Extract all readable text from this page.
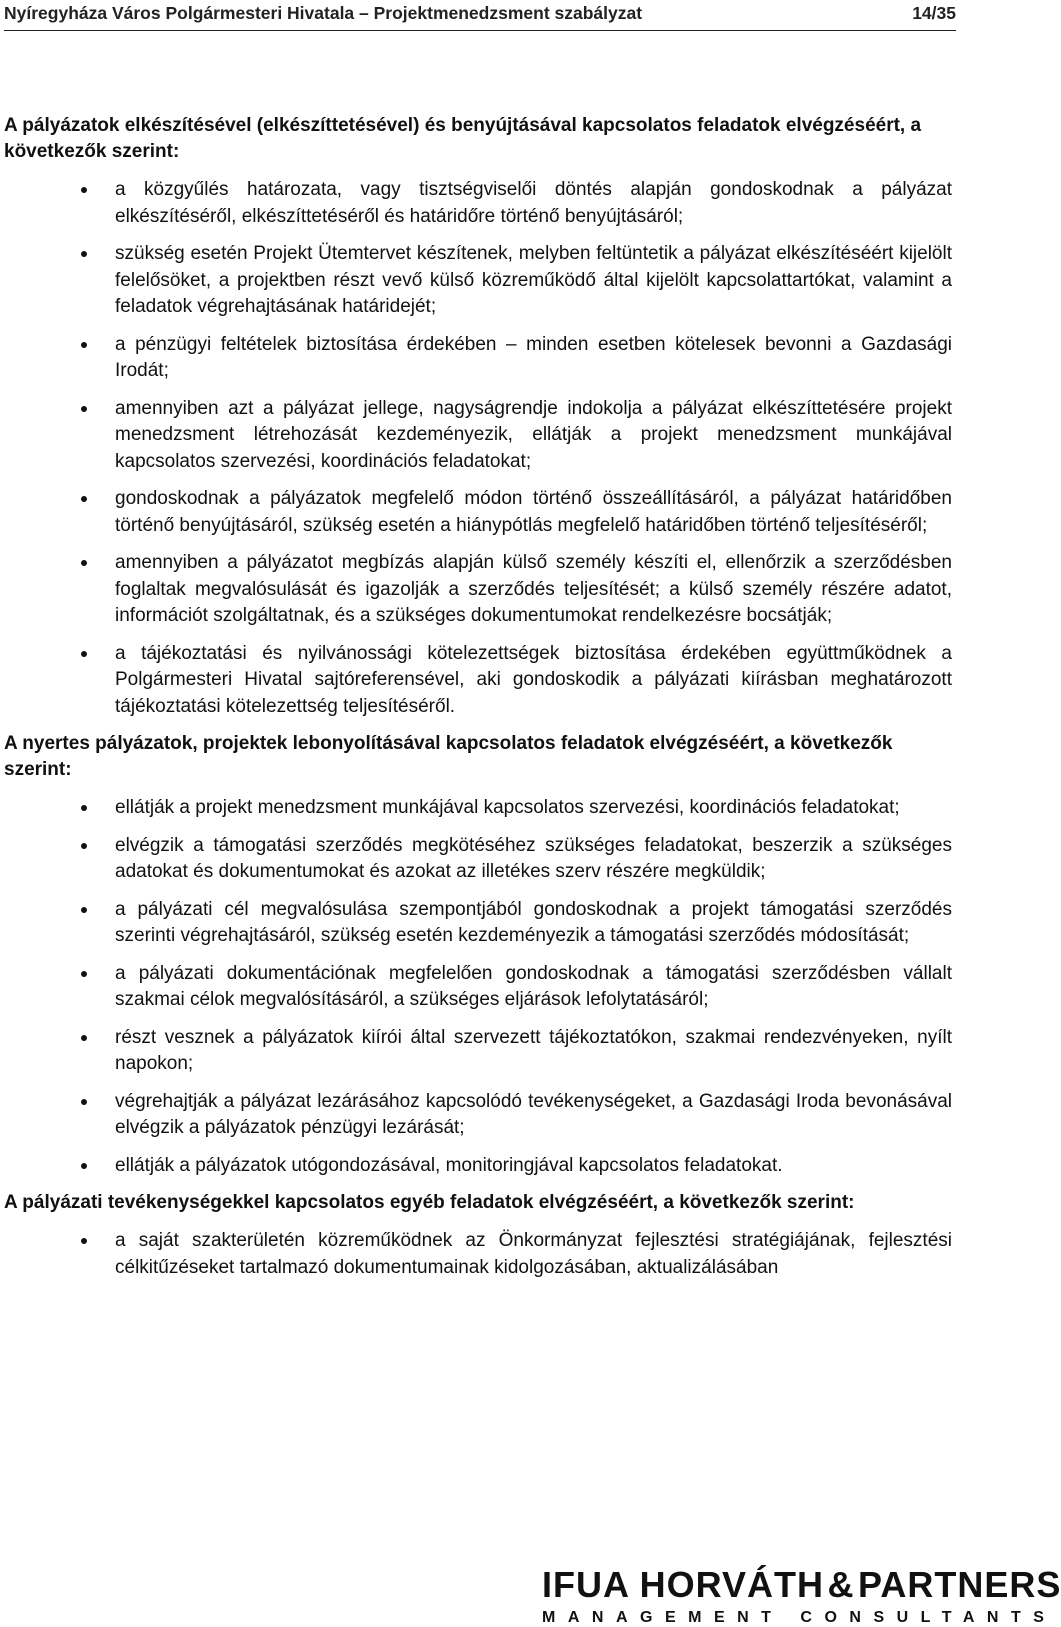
Nyíregyháza Város Polgármesteri Hivatala – Projektmenedzsment szabályzat	14/35
A pályázatok elkészítésével (elkészíttetésével) és benyújtásával kapcsolatos feladatok elvégzéséért, a következők szerint:
a közgyűlés határozata, vagy tisztségviselői döntés alapján gondoskodnak a pályázat elkészítéséről, elkészíttetéséről és határidőre történő benyújtásáról;
szükség esetén Projekt Ütemtervet készítenek, melyben feltüntetik a pályázat elkészítéséért kijelölt felelősöket, a projektben részt vevő külső közreműködő által kijelölt kapcsolattartókat, valamint a feladatok végrehajtásának határidejét;
a pénzügyi feltételek biztosítása érdekében – minden esetben kötelesek bevonni a Gazdasági Irodát;
amennyiben azt a pályázat jellege, nagyságrendje indokolja a pályázat elkészíttetésére projekt menedzsment létrehozását kezdeményezik, ellátják a projekt menedzsment munkájával kapcsolatos szervezési, koordinációs feladatokat;
gondoskodnak a pályázatok megfelelő módon történő összeállításáról, a pályázat határidőben történő benyújtásáról, szükség esetén a hiánypótlás megfelelő határidőben történő teljesítéséről;
amennyiben a pályázatot megbízás alapján külső személy készíti el, ellenőrzik a szerződésben foglaltak megvalósulását és igazolják a szerződés teljesítését; a külső személy részére adatot, információt szolgáltatnak, és a szükséges dokumentumokat rendelkezésre bocsátják;
a tájékoztatási és nyilvánossági kötelezettségek biztosítása érdekében együttműködnek a Polgármesteri Hivatal sajtóreferensével, aki gondoskodik a pályázati kiírásban meghatározott tájékoztatási kötelezettség teljesítéséről.
A nyertes pályázatok, projektek lebonyolításával kapcsolatos feladatok elvégzéséért, a következők szerint:
ellátják a projekt menedzsment munkájával kapcsolatos szervezési, koordinációs feladatokat;
elvégzik a támogatási szerződés megkötéséhez szükséges feladatokat, beszerzik a szükséges adatokat és dokumentumokat és azokat az illetékes szerv részére megküldik;
a pályázati cél megvalósulása szempontjából gondoskodnak a projekt támogatási szerződés szerinti végrehajtásáról, szükség esetén kezdeményezik a támogatási szerződés módosítását;
a pályázati dokumentációnak megfelelően gondoskodnak a támogatási szerződésben vállalt szakmai célok megvalósításáról, a szükséges eljárások lefolytatásáról;
részt vesznek a pályázatok kiírói által szervezett tájékoztatókon, szakmai rendezvényeken, nyílt napokon;
végrehajtják a pályázat lezárásához kapcsolódó tevékenységeket, a Gazdasági Iroda bevonásával elvégzik a pályázatok pénzügyi lezárását;
ellátják a pályázatok utógondozásával, monitoringjával kapcsolatos feladatokat.
A pályázati tevékenységekkel kapcsolatos egyéb feladatok elvégzéséért, a következők szerint:
a saját szakterületén közreműködnek az Önkormányzat fejlesztési stratégiájának, fejlesztési célkitűzéseket tartalmazó dokumentumainak kidolgozásában, aktualizálásában
IFUA HORVÁTH&PARTNERS
MANAGEMENT CONSULTANTS
